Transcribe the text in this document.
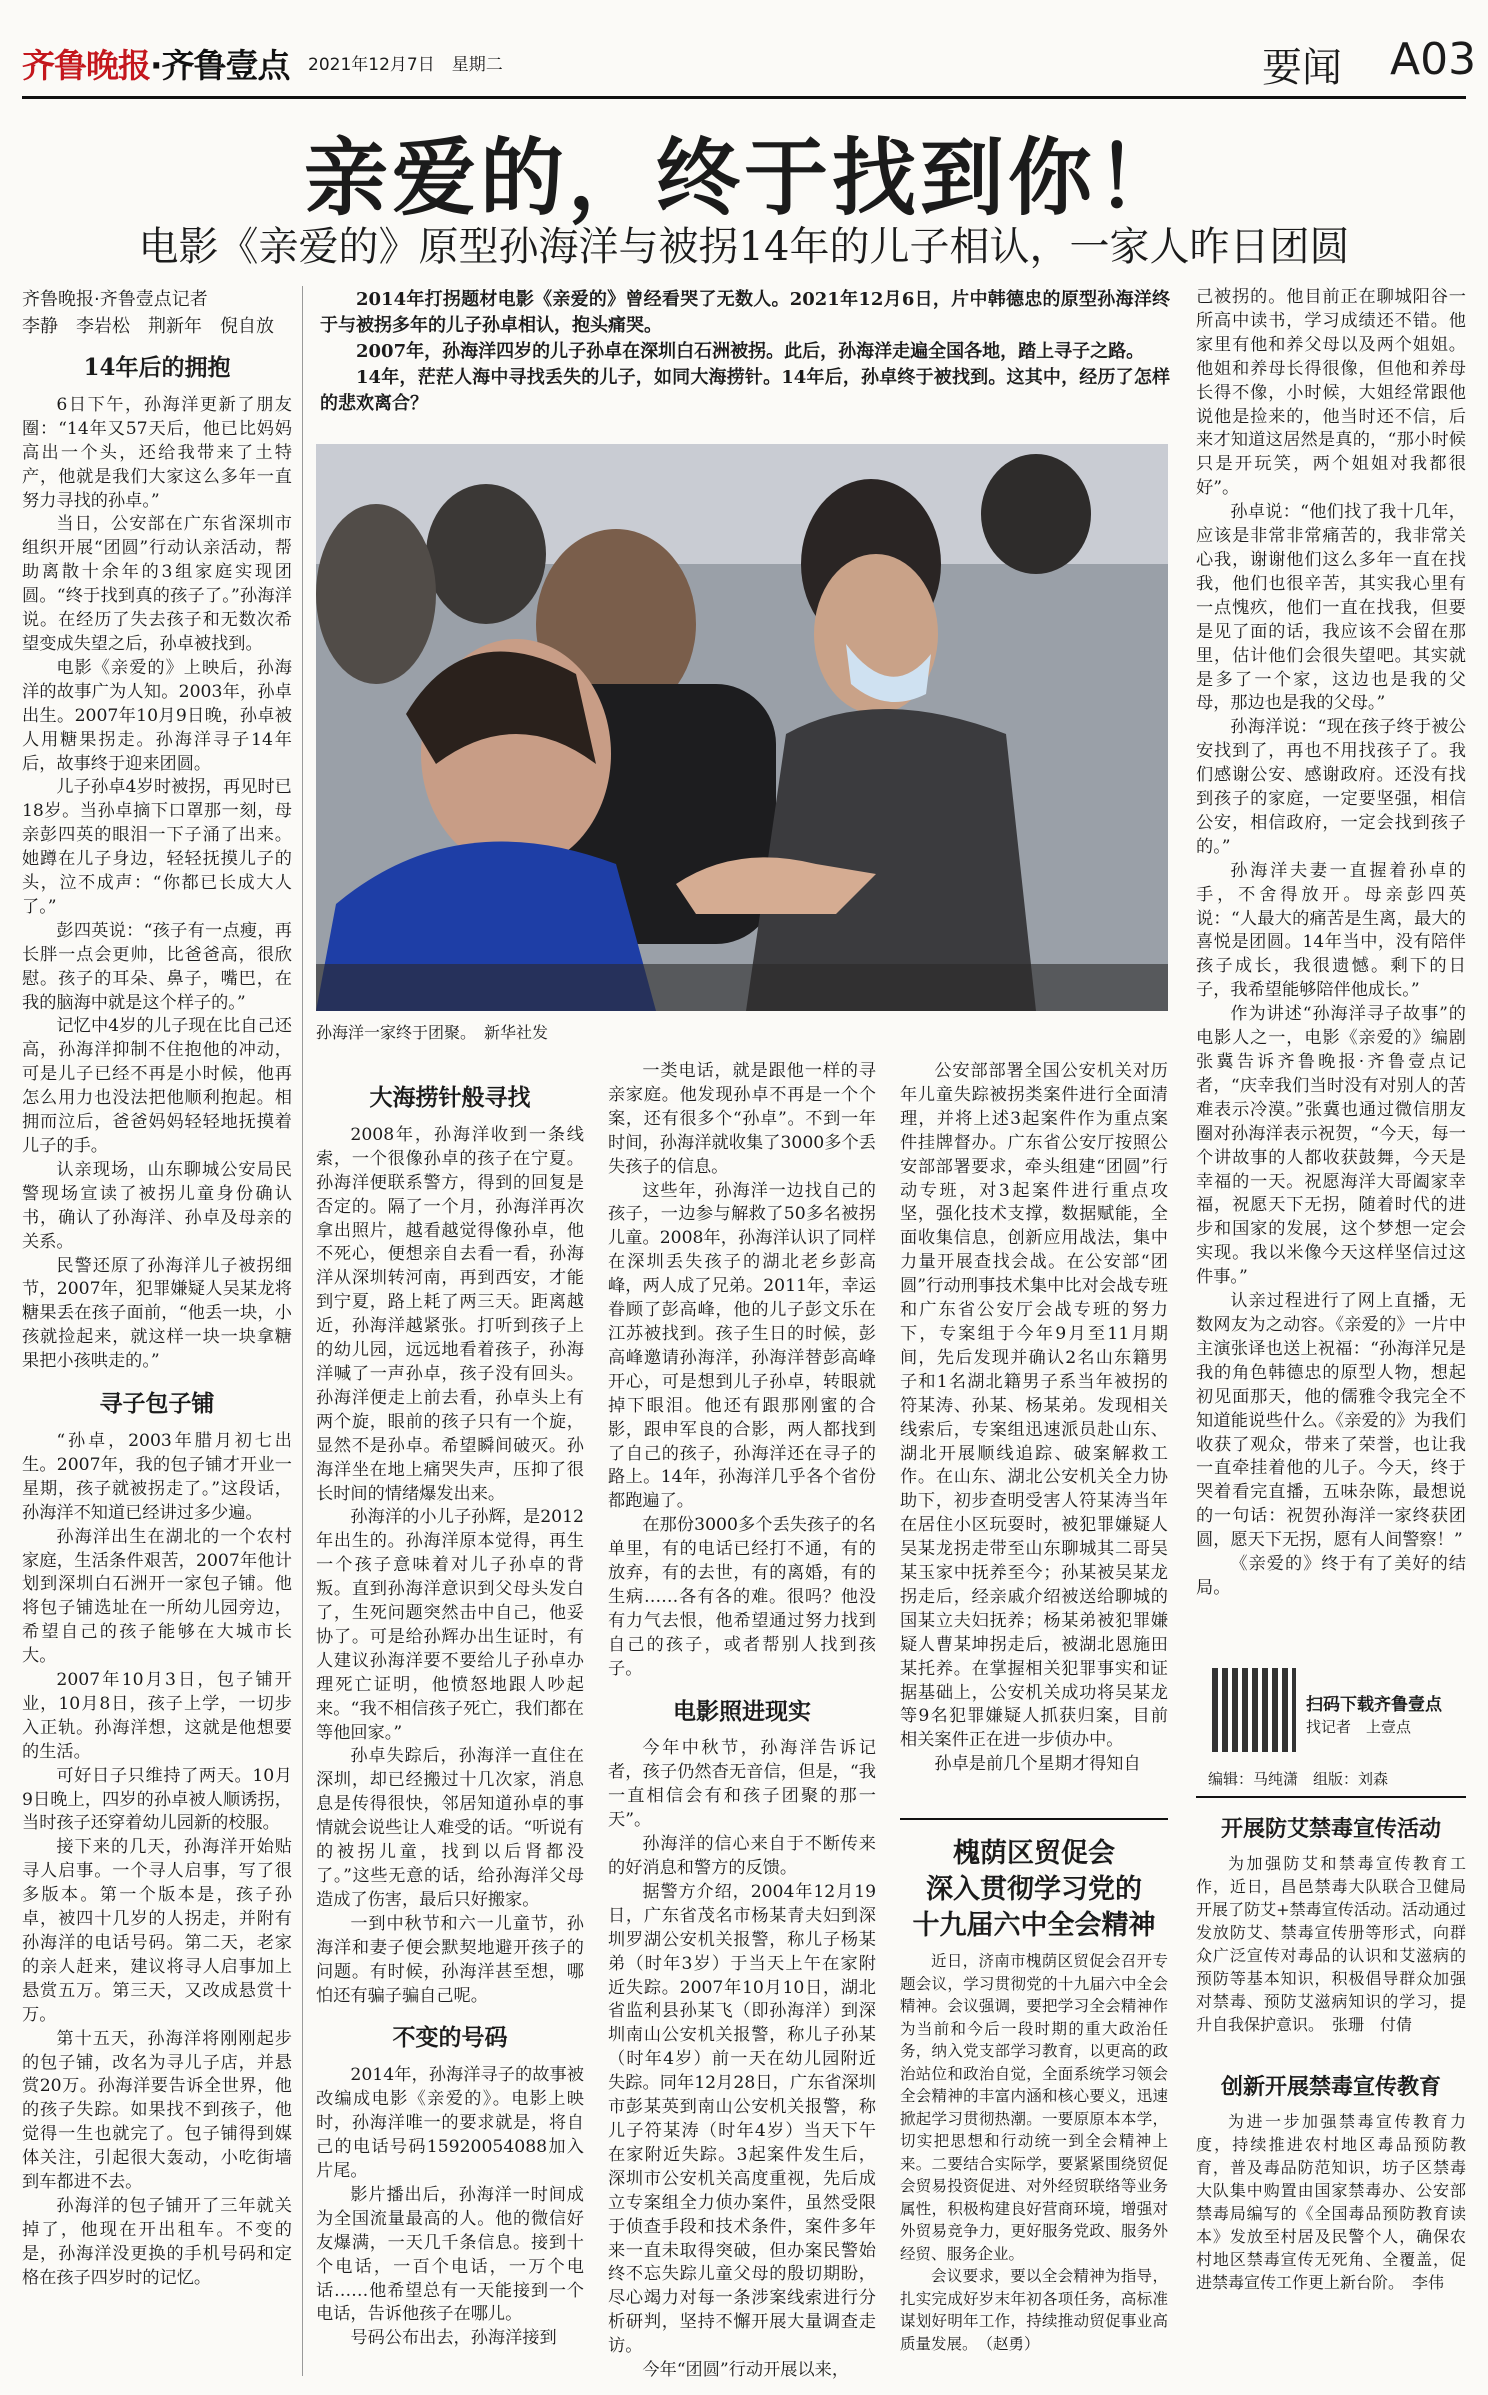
齐鲁晚报·齐鲁壹点 2021年12月7日　星期二	要闻 A03
亲爱的，终于找到你！
电影《亲爱的》原型孙海洋与被拐14年的儿子相认，一家人昨日团圆

2014年打拐题材电影《亲爱的》曾经看哭了无数人。2021年12月6日，片中韩德忠的原型孙海洋终于与被拐多年的儿子孙卓相认，抱头痛哭。

2007年，孙海洋四岁的儿子孙卓在深圳白石洲被拐。此后，孙海洋走遍全国各地，踏上寻子之路。

14年，茫茫人海中寻找丢失的儿子，如同大海捞针。14年后，孙卓终于被找到。这其中，经历了怎样的悲欢离合？

孙海洋一家终于团聚。　新华社发
齐鲁晚报·齐鲁壹点记者
李静　李岩松　荆新年　倪自放
14年后的拥抱

6日下午，孙海洋更新了朋友圈：“14年又57天后，他已比妈妈高出一个头，还给我带来了土特产，他就是我们大家这么多年一直努力寻找的孙卓。”

当日，公安部在广东省深圳市组织开展“团圆”行动认亲活动，帮助离散十余年的3组家庭实现团圆。“终于找到真的孩子了。”孙海洋说。在经历了失去孩子和无数次希望变成失望之后，孙卓被找到。

电影《亲爱的》上映后，孙海洋的故事广为人知。2003年，孙卓出生。2007年10月9日晚，孙卓被人用糖果拐走。孙海洋寻子14年后，故事终于迎来团圆。

儿子孙卓4岁时被拐，再见时已18岁。当孙卓摘下口罩那一刻，母亲彭四英的眼泪一下子涌了出来。她蹲在儿子身边，轻轻抚摸儿子的头，泣不成声：“你都已长成大人了。”

彭四英说：“孩子有一点瘦，再长胖一点会更帅，比爸爸高，很欣慰。孩子的耳朵、鼻子，嘴巴，在我的脑海中就是这个样子的。”

记忆中4岁的儿子现在比自己还高，孙海洋抑制不住抱他的冲动，可是儿子已经不再是小时候，他再怎么用力也没法把他顺利抱起。相拥而泣后，爸爸妈妈轻轻地抚摸着儿子的手。

认亲现场，山东聊城公安局民警现场宣读了被拐儿童身份确认书，确认了孙海洋、孙卓及母亲的关系。

民警还原了孙海洋儿子被拐细节，2007年，犯罪嫌疑人吴某龙将糖果丢在孩子面前，“他丢一块，小孩就捡起来，就这样一块一块拿糖果把小孩哄走的。”

寻子包子铺

“孙卓，2003年腊月初七出生。2007年，我的包子铺才开业一星期，孩子就被拐走了。”这段话，孙海洋不知道已经讲过多少遍。

孙海洋出生在湖北的一个农村家庭，生活条件艰苦，2007年他计划到深圳白石洲开一家包子铺。他将包子铺选址在一所幼儿园旁边，希望自己的孩子能够在大城市长大。

2007年10月3日，包子铺开业，10月8日，孩子上学，一切步入正轨。孙海洋想，这就是他想要的生活。

可好日子只维持了两天。10月9日晚上，四岁的孙卓被人顺诱拐，当时孩子还穿着幼儿园新的校服。

接下来的几天，孙海洋开始贴寻人启事。一个寻人启事，写了很多版本。第一个版本是，孩子孙卓，被四十几岁的人拐走，并附有孙海洋的电话号码。第二天，老家的亲人赶来，建议将寻人启事加上悬赏五万。第三天，又改成悬赏十万。

第十五天，孙海洋将刚刚起步的包子铺，改名为寻儿子店，并悬赏20万。孙海洋要告诉全世界，他的孩子失踪。如果找不到孩子，他觉得一生也就完了。包子铺得到媒体关注，引起很大轰动，小吃街墙到车都进不去。

孙海洋的包子铺开了三年就关掉了，他现在开出租车。不变的是，孙海洋没更换的手机号码和定格在孩子四岁时的记忆。

大海捞针般寻找

2008年，孙海洋收到一条线索，一个很像孙卓的孩子在宁夏。孙海洋便联系警方，得到的回复是否定的。隔了一个月，孙海洋再次拿出照片，越看越觉得像孙卓，他不死心，便想亲自去看一看，孙海洋从深圳转河南，再到西安，才能到宁夏，路上耗了两三天。距离越近，孙海洋越紧张。打听到孩子上的幼儿园，远远地看着孩子，孙海洋喊了一声孙卓，孩子没有回头。孙海洋便走上前去看，孙卓头上有两个旋，眼前的孩子只有一个旋，显然不是孙卓。希望瞬间破灭。孙海洋坐在地上痛哭失声，压抑了很长时间的情绪爆发出来。

孙海洋的小儿子孙辉，是2012年出生的。孙海洋原本觉得，再生一个孩子意味着对儿子孙卓的背叛。直到孙海洋意识到父母头发白了，生死问题突然击中自己，他妥协了。可是给孙辉办出生证时，有人建议孙海洋要不要给儿子孙卓办理死亡证明，他愤怒地跟人吵起来。“我不相信孩子死亡，我们都在等他回家。”

孙卓失踪后，孙海洋一直住在深圳，却已经搬过十几次家，消息息是传得很快，邻居知道孙卓的事情就会说些让人难受的话。“听说有的被拐儿童，找到以后肾都没了。”这些无意的话，给孙海洋父母造成了伤害，最后只好搬家。

一到中秋节和六一儿童节，孙海洋和妻子便会默契地避开孩子的问题。有时候，孙海洋甚至想，哪怕还有骗子骗自己呢。

不变的号码

2014年，孙海洋寻子的故事被改编成电影《亲爱的》。电影上映时，孙海洋唯一的要求就是，将自己的电话号码15920054088加入片尾。

影片播出后，孙海洋一时间成为全国流量最高的人。他的微信好友爆满，一天几千条信息。接到十个电话，一百个电话，一万个电话……他希望总有一天能接到一个电话，告诉他孩子在哪儿。

号码公布出去，孙海洋接到

一类电话，就是跟他一样的寻亲家庭。他发现孙卓不再是一个个案，还有很多个“孙卓”。不到一年时间，孙海洋就收集了3000多个丢失孩子的信息。

这些年，孙海洋一边找自己的孩子，一边参与解救了50多名被拐儿童。2008年，孙海洋认识了同样在深圳丢失孩子的湖北老乡彭高峰，两人成了兄弟。2011年，幸运眷顾了彭高峰，他的儿子彭文乐在江苏被找到。孩子生日的时候，彭高峰邀请孙海洋，孙海洋替彭高峰开心，可是想到儿子孙卓，转眼就掉下眼泪。他还有跟那刚蜜的合影，跟申军良的合影，两人都找到了自己的孩子，孙海洋还在寻子的路上。14年，孙海洋几乎各个省份都跑遍了。

在那份3000多个丢失孩子的名单里，有的电话已经打不通，有的放弃，有的去世，有的离婚，有的生病……各有各的难。很吗？他没有力气去恨，他希望通过努力找到自己的孩子，或者帮别人找到孩子。

电影照进现实

今年中秋节，孙海洋告诉记者，孩子仍然杳无音信，但是，“我一直相信会有和孩子团聚的那一天”。

孙海洋的信心来自于不断传来的好消息和警方的反馈。

据警方介绍，2004年12月19日，广东省茂名市杨某青夫妇到深圳罗湖公安机关报警，称儿子杨某弟（时年3岁）于当天上午在家附近失踪。2007年10月10日，湖北省监利县孙某飞（即孙海洋）到深圳南山公安机关报警，称儿子孙某（时年4岁）前一天在幼儿园附近失踪。同年12月28日，广东省深圳市彭某英到南山公安机关报警，称儿子符某涛（时年4岁）当天下午在家附近失踪。3起案件发生后，深圳市公安机关高度重视，先后成立专案组全力侦办案件，虽然受限于侦查手段和技术条件，案件多年来一直未取得突破，但办案民警始终不忘失踪儿童父母的殷切期盼，尽心竭力对每一条涉案线索进行分析研判，坚持不懈开展大量调查走访。

今年“团圆”行动开展以来，

公安部部署全国公安机关对历年儿童失踪被拐类案件进行全面清理，并将上述3起案件作为重点案件挂牌督办。广东省公安厅按照公安部部署要求，牵头组建“团圆”行动专班，对3起案件进行重点攻坚，强化技术支撑，数据赋能，全面收集信息，创新应用战法，集中力量开展查找会战。在公安部“团圆”行动刑事技术集中比对会战专班和广东省公安厅会战专班的努力下，专案组于今年9月至11月期间，先后发现并确认2名山东籍男子和1名湖北籍男子系当年被拐的符某涛、孙某、杨某弟。发现相关线索后，专案组迅速派员赴山东、湖北开展顺线追踪、破案解救工作。在山东、湖北公安机关全力协助下，初步查明受害人符某涛当年在居住小区玩耍时，被犯罪嫌疑人吴某龙拐走带至山东聊城其二哥吴某玉家中抚养至今；孙某被吴某龙拐走后，经亲戚介绍被送给聊城的国某立夫妇抚养；杨某弟被犯罪嫌疑人曹某坤拐走后，被湖北恩施田某托养。在掌握相关犯罪事实和证据基础上，公安机关成功将吴某龙等9名犯罪嫌疑人抓获归案，目前相关案件正在进一步侦办中。

孙卓是前几个星期才得知自

槐荫区贸促会
深入贯彻学习党的
十九届六中全会精神

近日，济南市槐荫区贸促会召开专题会议，学习贯彻党的十九届六中全会精神。会议强调，要把学习全会精神作为当前和今后一段时期的重大政治任务，纳入党支部学习教育，以更高的政治站位和政治自觉，全面系统学习领会全会精神的丰富内涵和核心要义，迅速掀起学习贯彻热潮。一要原原本本学，切实把思想和行动统一到全会精神上来。二要结合实际学，要紧紧围绕贸促会贸易投资促进、对外经贸联络等业务属性，积极构建良好营商环境，增强对外贸易竞争力，更好服务党政、服务外经贸、服务企业。

会议要求，要以全会精神为指导，扎实完成好岁末年初各项任务，高标准谋划好明年工作，持续推动贸促事业高质量发展。　（赵勇）

己被拐的。他目前正在聊城阳谷一所高中读书，学习成绩还不错。他家里有他和养父母以及两个姐姐。他姐和养母长得很像，但他和养母长得不像，小时候，大姐经常跟他说他是捡来的，他当时还不信，后来才知道这居然是真的，“那小时候只是开玩笑，两个姐姐对我都很好”。

孙卓说：“他们找了我十几年，应该是非常非常痛苦的，我非常关心我，谢谢他们这么多年一直在找我，他们也很辛苦，其实我心里有一点愧疚，他们一直在找我，但要是见了面的话，我应该不会留在那里，估计他们会很失望吧。其实就是多了一个家，这边也是我的父母，那边也是我的父母。”

孙海洋说：“现在孩子终于被公安找到了，再也不用找孩子了。我们感谢公安、感谢政府。还没有找到孩子的家庭，一定要坚强，相信公安，相信政府，一定会找到孩子的。”

孙海洋夫妻一直握着孙卓的手，不舍得放开。母亲彭四英说：“人最大的痛苦是生离，最大的喜悦是团圆。14年当中，没有陪伴孩子成长，我很遗憾。剩下的日子，我希望能够陪伴他成长。”

作为讲述“孙海洋寻子故事”的电影人之一，电影《亲爱的》编剧张冀告诉齐鲁晚报·齐鲁壹点记者，“庆幸我们当时没有对别人的苦难表示冷漠。”张冀也通过微信朋友圈对孙海洋表示祝贺，“今天，每一个讲故事的人都收获鼓舞，今天是幸福的一天。祝愿海洋大哥阖家幸福，祝愿天下无拐，随着时代的进步和国家的发展，这个梦想一定会实现。我以米像今天这样坚信过这件事。”

认亲过程进行了网上直播，无数网友为之动容。《亲爱的》一片中主演张译也送上祝福：“孙海洋兄是我的角色韩德忠的原型人物，想起初见面那天，他的儒雅令我完全不知道能说些什么。《亲爱的》为我们收获了观众，带来了荣誉，也让我一直牵挂着他的儿子。今天，终于哭着看完直播，五味杂陈，最想说的一句话：祝贺孙海洋一家终获团圆，愿天下无拐，愿有人间警察！”

《亲爱的》终于有了美好的结局。

扫码下载齐鲁壹点
找记者　上壹点
编辑：马纯潇　组版：刘森
开展防艾禁毒宣传活动

为加强防艾和禁毒宣传教育工作，近日，昌邑禁毒大队联合卫健局开展了防艾+禁毒宣传活动。活动通过发放防艾、禁毒宣传册等形式，向群众广泛宣传对毒品的认识和艾滋病的预防等基本知识，积极倡导群众加强对禁毒、预防艾滋病知识的学习，提升自我保护意识。　张珊　付倩

创新开展禁毒宣传教育

为进一步加强禁毒宣传教育力度，持续推进农村地区毒品预防教育，普及毒品防范知识，坊子区禁毒大队集中购置由国家禁毒办、公安部禁毒局编写的《全国毒品预防教育读本》发放至村居及民警个人，确保农村地区禁毒宣传无死角、全覆盖，促进禁毒宣传工作更上新台阶。　李伟
